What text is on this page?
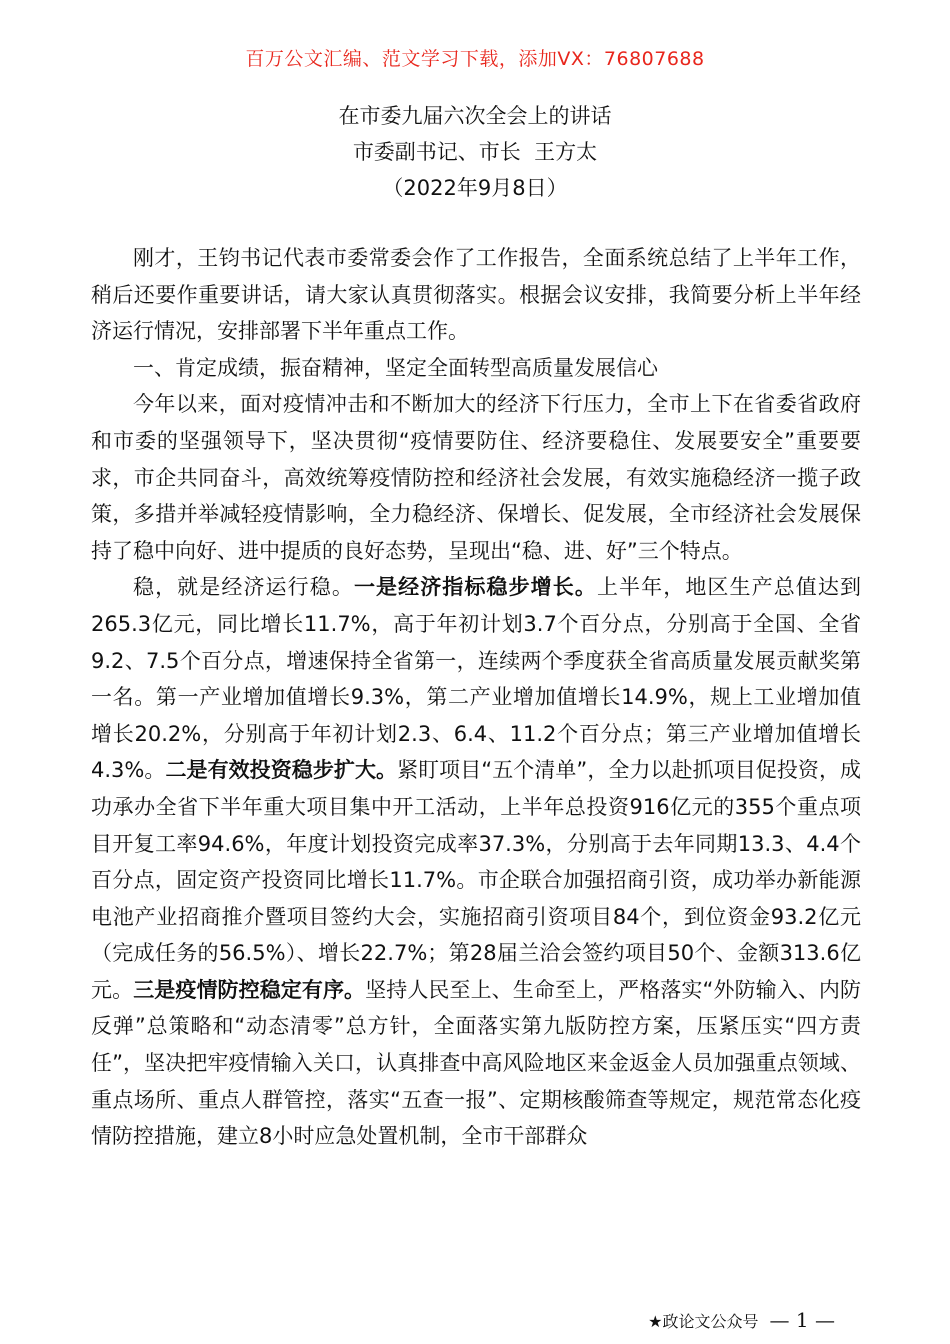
百万公文汇编、范文学习下载，添加VX：76807688
在市委九届六次全会上的讲话
市委副书记、市长  王方太
（2022年9月8日）

刚才，王钧书记代表市委常委会作了工作报告，全面系统总结了上半年工作，稍后还要作重要讲话，请大家认真贯彻落实。根据会议安排，我简要分析上半年经济运行情况，安排部署下半年重点工作。

一、肯定成绩，振奋精神，坚定全面转型高质量发展信心

今年以来，面对疫情冲击和不断加大的经济下行压力，全市上下在省委省政府和市委的坚强领导下，坚决贯彻“疫情要防住、经济要稳住、发展要安全”重要要求，市企共同奋斗，高效统筹疫情防控和经济社会发展，有效实施稳经济一揽子政策，多措并举减轻疫情影响，全力稳经济、保增长、促发展，全市经济社会发展保持了稳中向好、进中提质的良好态势，呈现出“稳、进、好”三个特点。

稳，就是经济运行稳。一是经济指标稳步增长。上半年，地区生产总值达到265.3亿元，同比增长11.7%，高于年初计划3.7个百分点，分别高于全国、全省9.2、7.5个百分点，增速保持全省第一，连续两个季度获全省高质量发展贡献奖第一名。第一产业增加值增长9.3%，第二产业增加值增长14.9%，规上工业增加值增长20.2%，分别高于年初计划2.3、6.4、11.2个百分点；第三产业增加值增长4.3%。二是有效投资稳步扩大。紧盯项目“五个清单”，全力以赴抓项目促投资，成功承办全省下半年重大项目集中开工活动，上半年总投资916亿元的355个重点项目开复工率94.6%，年度计划投资完成率37.3%，分别高于去年同期13.3、4.4个百分点，固定资产投资同比增长11.7%。市企联合加强招商引资，成功举办新能源电池产业招商推介暨项目签约大会，实施招商引资项目84个，到位资金93.2亿元（完成任务的56.5%）、增长22.7%；第28届兰洽会签约项目50个、金额313.6亿元。三是疫情防控稳定有序。坚持人民至上、生命至上，严格落实“外防输入、内防反弹”总策略和“动态清零”总方针，全面落实第九版防控方案，压紧压实“四方责任”，坚决把牢疫情输入关口，认真排查中高风险地区来金返金人员加强重点领域、重点场所、重点人群管控，落实“五查一报”、定期核酸筛查等规定，规范常态化疫情防控措施，建立8小时应急处置机制，全市干部群众

★政论文公众号 — 1 —
